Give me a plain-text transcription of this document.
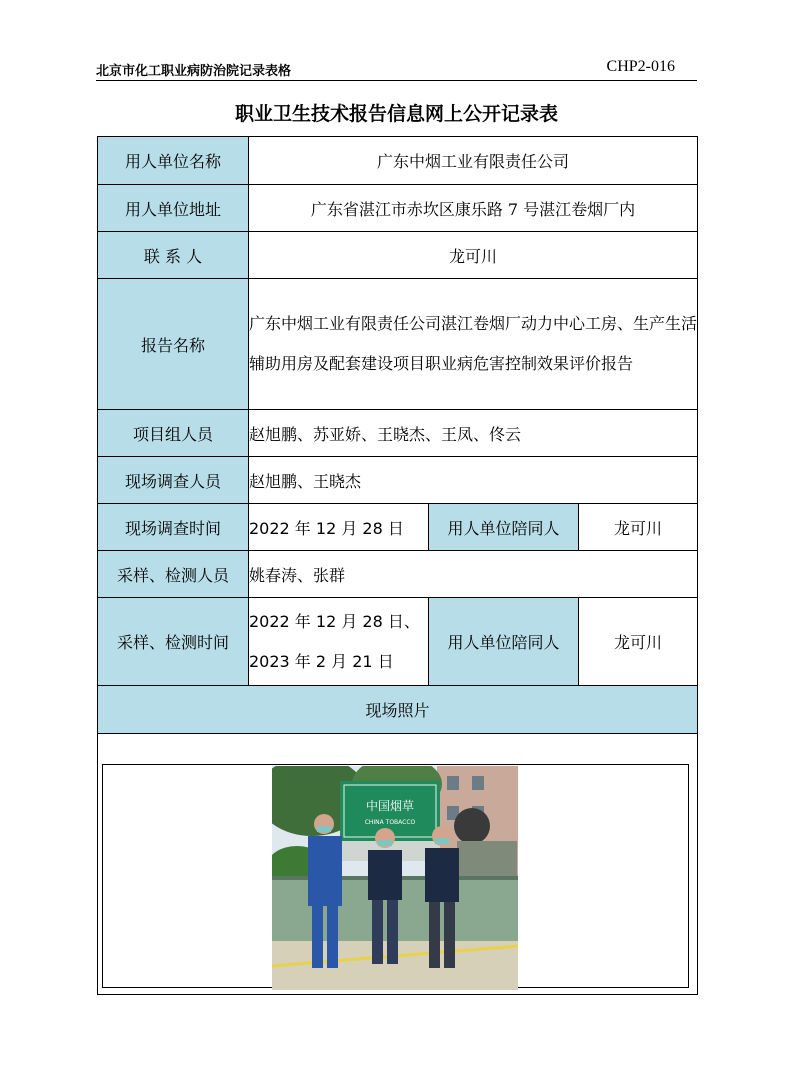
北京市化工职业病防治院记录表格	CHP2-016
职业卫生技术报告信息网上公开记录表
用人单位名称	广东中烟工业有限责任公司		
用人单位地址	广东省湛江市赤坎区康乐路 7 号湛江卷烟厂内		
联 系 人	龙可川		
报告名称	广东中烟工业有限责任公司湛江卷烟厂动力中心工房、生产生活辅助用房及配套建设项目职业病危害控制效果评价报告		
项目组人员	赵旭鹏、苏亚娇、王晓杰、王凤、佟云		
现场调查人员	赵旭鹏、王晓杰		
现场调查时间	2022 年 12 月 28 日	用人单位陪同人	龙可川
采样、检测人员	姚春涛、张群		
采样、检测时间	2022 年 12 月 28 日、
2023 年 2 月 21 日	用人单位陪同人	龙可川
现场照片			

中国烟草
CHINA TOBACCO			
